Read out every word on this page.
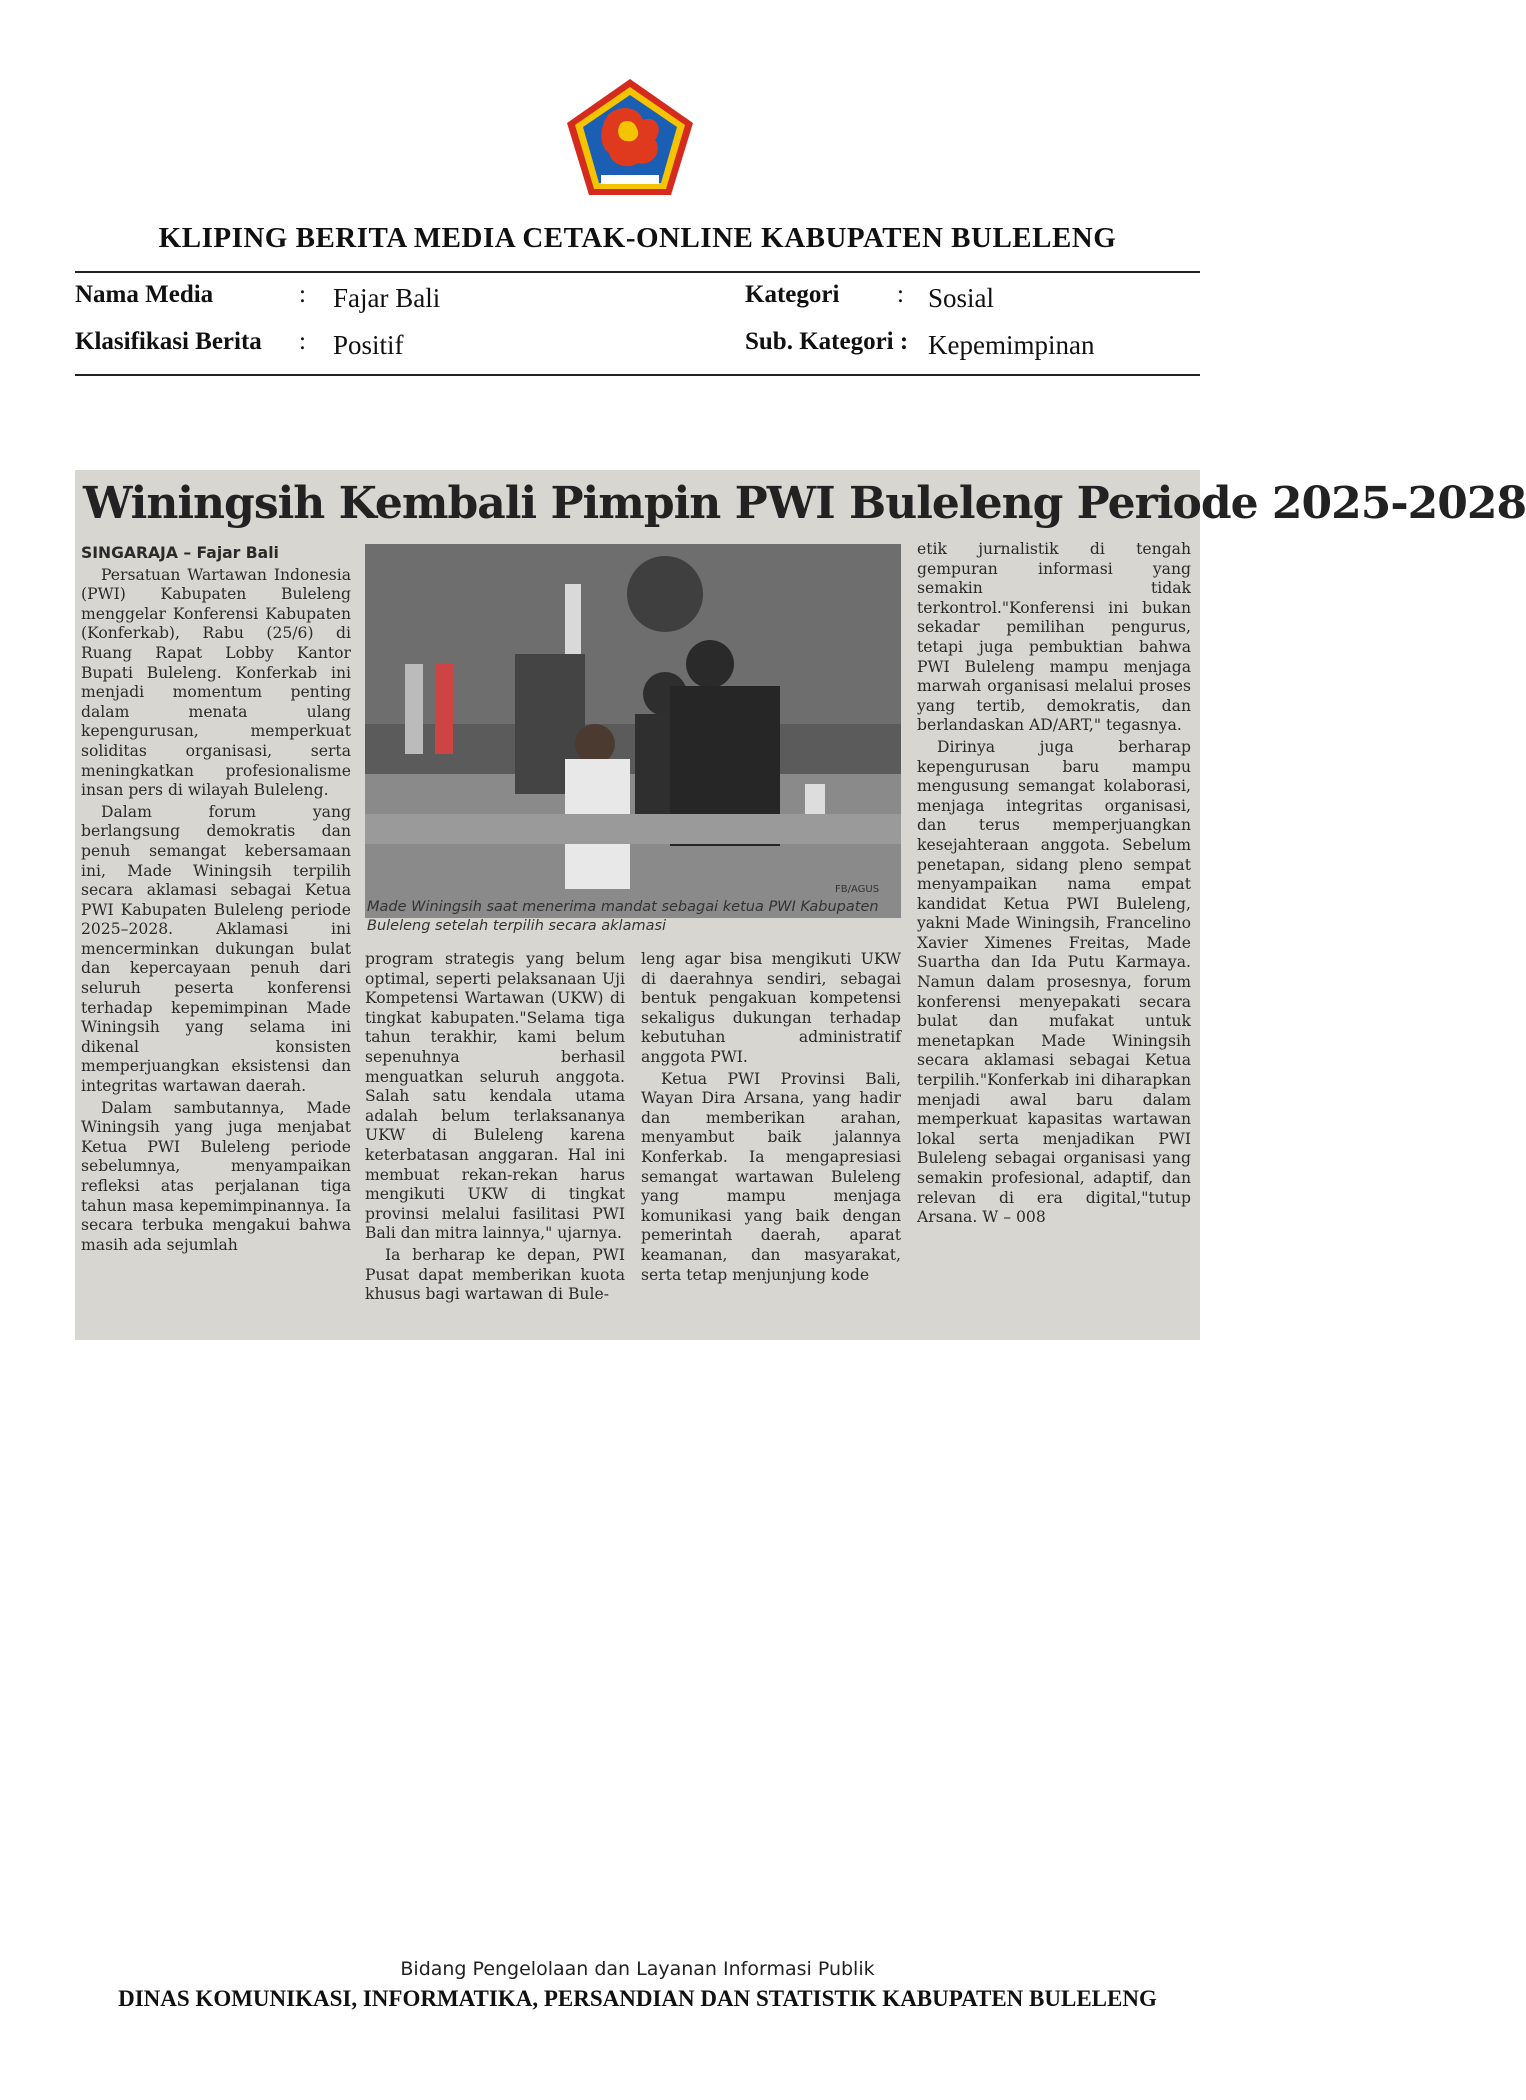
KLIPING BERITA MEDIA CETAK-ONLINE KABUPATEN BULELENG
Nama Media	: Fajar Bali
Klasifikasi Berita : Positif
Kategori : Sosial
Sub. Kategori : Kepemimpinan
Winingsih Kembali Pimpin PWI Buleleng Periode 2025-2028

SINGARAJA – Fajar Bali

Persatuan Wartawan Indonesia (PWI) Kabupaten Buleleng menggelar Konferensi Kabupaten (Konferkab), Rabu (25/6) di Ruang Rapat Lobby Kantor Bupati Buleleng. Konferkab ini menjadi momentum penting dalam menata ulang kepengurusan, memperkuat soliditas organisasi, serta meningkatkan profesionalisme insan pers di wilayah Buleleng.

Dalam forum yang berlangsung demokratis dan penuh semangat kebersamaan ini, Made Winingsih terpilih secara aklamasi sebagai Ketua PWI Kabupaten Buleleng periode 2025–2028. Aklamasi ini mencerminkan dukungan bulat dan kepercayaan penuh dari seluruh peserta konferensi terhadap kepemimpinan Made Winingsih yang selama ini dikenal konsisten memperjuangkan eksistensi dan integritas wartawan daerah.

Dalam sambutannya, Made Winingsih yang juga menjabat Ketua PWI Buleleng periode sebelumnya, menyampaikan refleksi atas perjalanan tiga tahun masa kepemimpinannya. Ia secara terbuka mengakui bahwa masih ada sejumlah

Made Winingsih saat menerima mandat sebagai ketua PWI Kabupaten Buleleng setelah terpilih secara aklamasi
FB/AGUS

program strategis yang belum optimal, seperti pelaksanaan Uji Kompetensi Wartawan (UKW) di tingkat kabupaten."Selama tiga tahun terakhir, kami belum sepenuhnya berhasil menguatkan seluruh anggota. Salah satu kendala utama adalah belum terlaksananya UKW di Buleleng karena keterbatasan anggaran. Hal ini membuat rekan-rekan harus mengikuti UKW di tingkat provinsi melalui fasilitasi PWI Bali dan mitra lainnya," ujarnya.

Ia berharap ke depan, PWI Pusat dapat memberikan kuota khusus bagi wartawan di Bule-

leng agar bisa mengikuti UKW di daerahnya sendiri, sebagai bentuk pengakuan kompetensi sekaligus dukungan terhadap kebutuhan administratif anggota PWI.

Ketua PWI Provinsi Bali, Wayan Dira Arsana, yang hadir dan memberikan arahan, menyambut baik jalannya Konferkab. Ia mengapresiasi semangat wartawan Buleleng yang mampu menjaga komunikasi yang baik dengan pemerintah daerah, aparat keamanan, dan masyarakat, serta tetap menjunjung kode

etik jurnalistik di tengah gempuran informasi yang semakin tidak terkontrol."Konferensi ini bukan sekadar pemilihan pengurus, tetapi juga pembuktian bahwa PWI Buleleng mampu menjaga marwah organisasi melalui proses yang tertib, demokratis, dan berlandaskan AD/ART," tegasnya.

Dirinya juga berharap kepengurusan baru mampu mengusung semangat kolaborasi, menjaga integritas organisasi, dan terus memperjuangkan kesejahteraan anggota. Sebelum penetapan, sidang pleno sempat menyampaikan nama empat kandidat Ketua PWI Buleleng, yakni Made Winingsih, Francelino Xavier Ximenes Freitas, Made Suartha dan Ida Putu Karmaya. Namun dalam prosesnya, forum konferensi menyepakati secara bulat dan mufakat untuk menetapkan Made Winingsih secara aklamasi sebagai Ketua terpilih."Konferkab ini diharapkan menjadi awal baru dalam memperkuat kapasitas wartawan lokal serta menjadikan PWI Buleleng sebagai organisasi yang semakin profesional, adaptif, dan relevan di era digital,"tutup Arsana. W – 008

Bidang Pengelolaan dan Layanan Informasi Publik
DINAS KOMUNIKASI, INFORMATIKA, PERSANDIAN DAN STATISTIK KABUPATEN BULELENG
